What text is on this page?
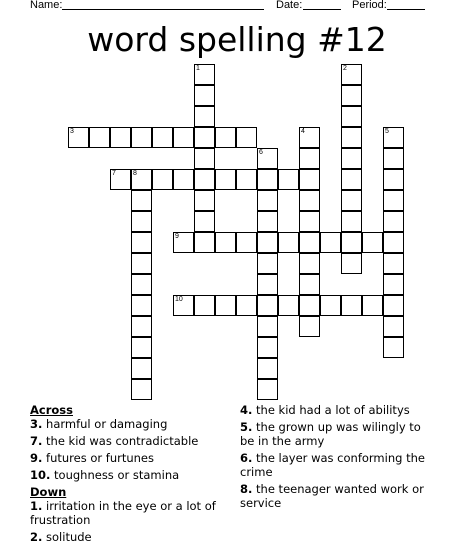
Name:	Date:	Period:
word spelling #12
1	2
3	4	5
6
7 8
9
10
Across
3. harmful or damaging
7. the kid was contradictable
9. futures or furtunes
10. toughness or stamina
Down
1. irritation in the eye or a lot of frustration
2. solitude
4. the kid had a lot of abilitys
5. the grown up was wilingly to be in the army
6. the layer was conforming the crime
8. the teenager wanted work or service
